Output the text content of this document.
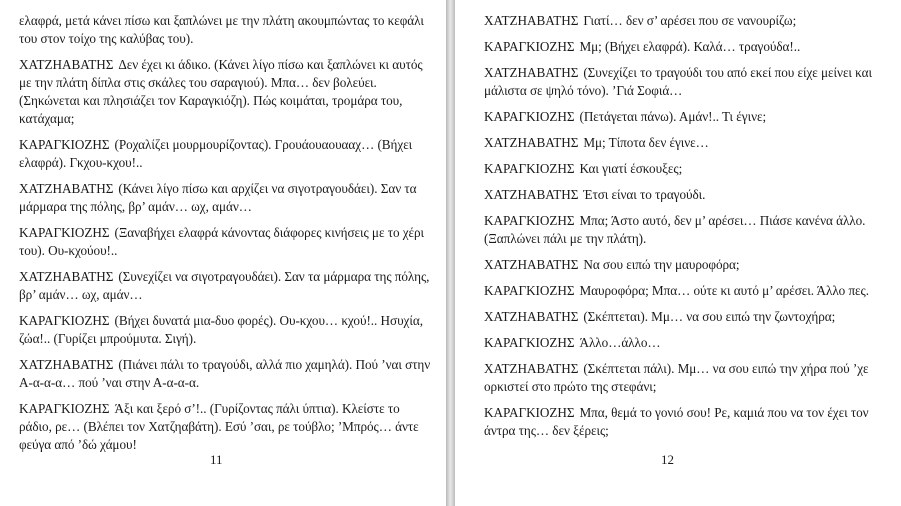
ελαφρά, μετά κάνει πίσω και ξαπλώνει με την πλάτη ακουμπώντας το κεφάλι του στον τοίχο της καλύβας του).

ΧΑΤΖΗΑΒΑΤΗΣ Δεν έχει κι άδικο. (Κάνει λίγο πίσω και ξαπλώνει κι αυτός με την πλάτη δίπλα στις σκάλες του σαραγιού). Μπα… δεν βολεύει. (Σηκώνεται και πλησιάζει τον Καραγκιόζη). Πώς κοιμάται, τρομάρα του, κατάχαμα;

ΚΑΡΑΓΚΙΟΖΗΣ (Ροχαλίζει μουρμουρίζοντας). Γρουάουαουααχ… (Βήχει ελαφρά). Γκχου-κχου!..

ΧΑΤΖΗΑΒΑΤΗΣ (Κάνει λίγο πίσω και αρχίζει να σιγοτραγουδάει). Σαν τα μάρμαρα της πόλης, βρ’ αμάν… ωχ, αμάν…

ΚΑΡΑΓΚΙΟΖΗΣ (Ξαναβήχει ελαφρά κάνοντας διάφορες κινήσεις με το χέρι του). Ου-κχούου!..

ΧΑΤΖΗΑΒΑΤΗΣ (Συνεχίζει να σιγοτραγουδάει). Σαν τα μάρμαρα της πόλης, βρ’ αμάν… ωχ, αμάν…

ΚΑΡΑΓΚΙΟΖΗΣ (Βήχει δυνατά μια-δυο φορές). Ου-κχου… κχού!.. Ησυχία, ζώα!.. (Γυρίζει μπρούμυτα. Σιγή).

ΧΑΤΖΗΑΒΑΤΗΣ (Πιάνει πάλι το τραγούδι, αλλά πιο χαμηλά). Πού ’ναι στην Α-α-α-α… πού ’ναι στην Α-α-α-α.

ΚΑΡΑΓΚΙΟΖΗΣ Άξι και ξερό σ’!.. (Γυρίζοντας πάλι ύπτια). Κλείστε το ράδιο, ρε… (Βλέπει τον Χατζηαβάτη). Εσύ ’σαι, ρε τούβλο; ’Μπρός… άντε φεύγα από ’δώ χάμου!

11

ΧΑΤΖΗΑΒΑΤΗΣ Γιατί… δεν σ’ αρέσει που σε νανουρίζω;

ΚΑΡΑΓΚΙΟΖΗΣ Μμ; (Βήχει ελαφρά). Καλά… τραγούδα!..

ΧΑΤΖΗΑΒΑΤΗΣ (Συνεχίζει το τραγούδι του από εκεί που είχε μείνει και μάλιστα σε ψηλό τόνο). ’Γιά Σοφιά…

ΚΑΡΑΓΚΙΟΖΗΣ (Πετάγεται πάνω). Αμάν!.. Τι έγινε;

ΧΑΤΖΗΑΒΑΤΗΣ Μμ; Τίποτα δεν έγινε…

ΚΑΡΑΓΚΙΟΖΗΣ Και γιατί έσκουξες;

ΧΑΤΖΗΑΒΑΤΗΣ Έτσι είναι το τραγούδι.

ΚΑΡΑΓΚΙΟΖΗΣ Μπα; Άστο αυτό, δεν μ’ αρέσει… Πιάσε κανένα άλλο. (Ξαπλώνει πάλι με την πλάτη).

ΧΑΤΖΗΑΒΑΤΗΣ Να σου ειπώ την μαυροφόρα;

ΚΑΡΑΓΚΙΟΖΗΣ Μαυροφόρα; Μπα… ούτε κι αυτό μ’ αρέσει. Άλλο πες.

ΧΑΤΖΗΑΒΑΤΗΣ (Σκέπτεται). Μμ… να σου ειπώ την ζωντοχήρα;

ΚΑΡΑΓΚΙΟΖΗΣ Άλλο…άλλο…

ΧΑΤΖΗΑΒΑΤΗΣ (Σκέπτεται πάλι). Μμ… να σου ειπώ την χήρα πού ’χε ορκιστεί στο πρώτο της στεφάνι;

ΚΑΡΑΓΚΙΟΖΗΣ Μπα, θεμά το γονιό σου! Ρε, καμιά που να τον έχει τον άντρα της… δεν ξέρεις;

12
